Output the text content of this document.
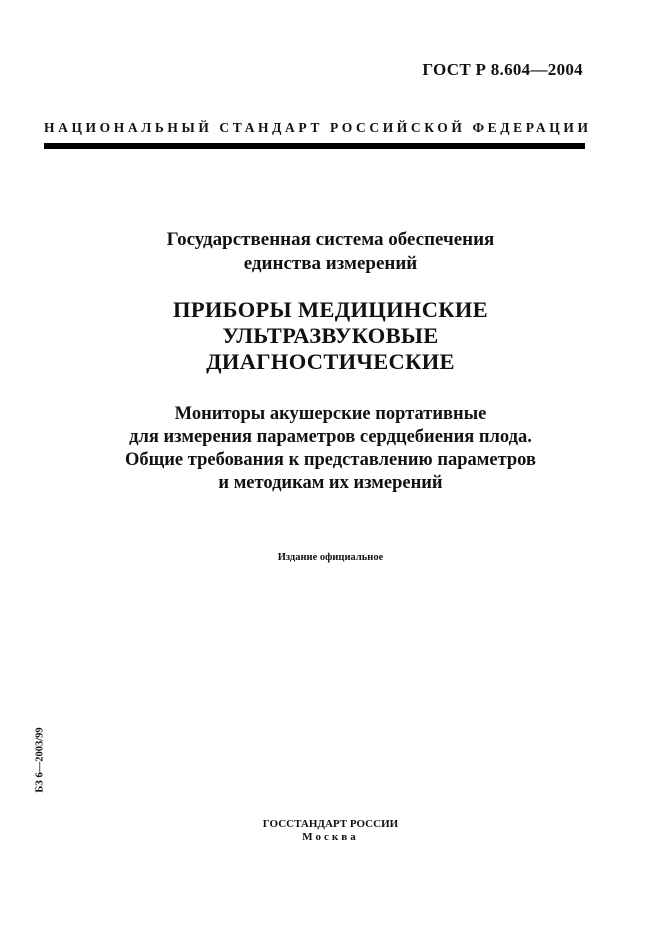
ГОСТ Р 8.604—2004
НАЦИОНАЛЬНЫЙ СТАНДАРТ РОССИЙСКОЙ ФЕДЕРАЦИИ
Государственная система обеспечения
единства измерений
ПРИБОРЫ МЕДИЦИНСКИЕ
УЛЬТРАЗВУКОВЫЕ
ДИАГНОСТИЧЕСКИЕ
Мониторы акушерские портативные
для измерения параметров сердцебиения плода.
Общие требования к представлению параметров
и методикам их измерений
Издание официальное
БЗ 6—2003/99
ГОССТАНДАРТ РОССИИ
Москва
